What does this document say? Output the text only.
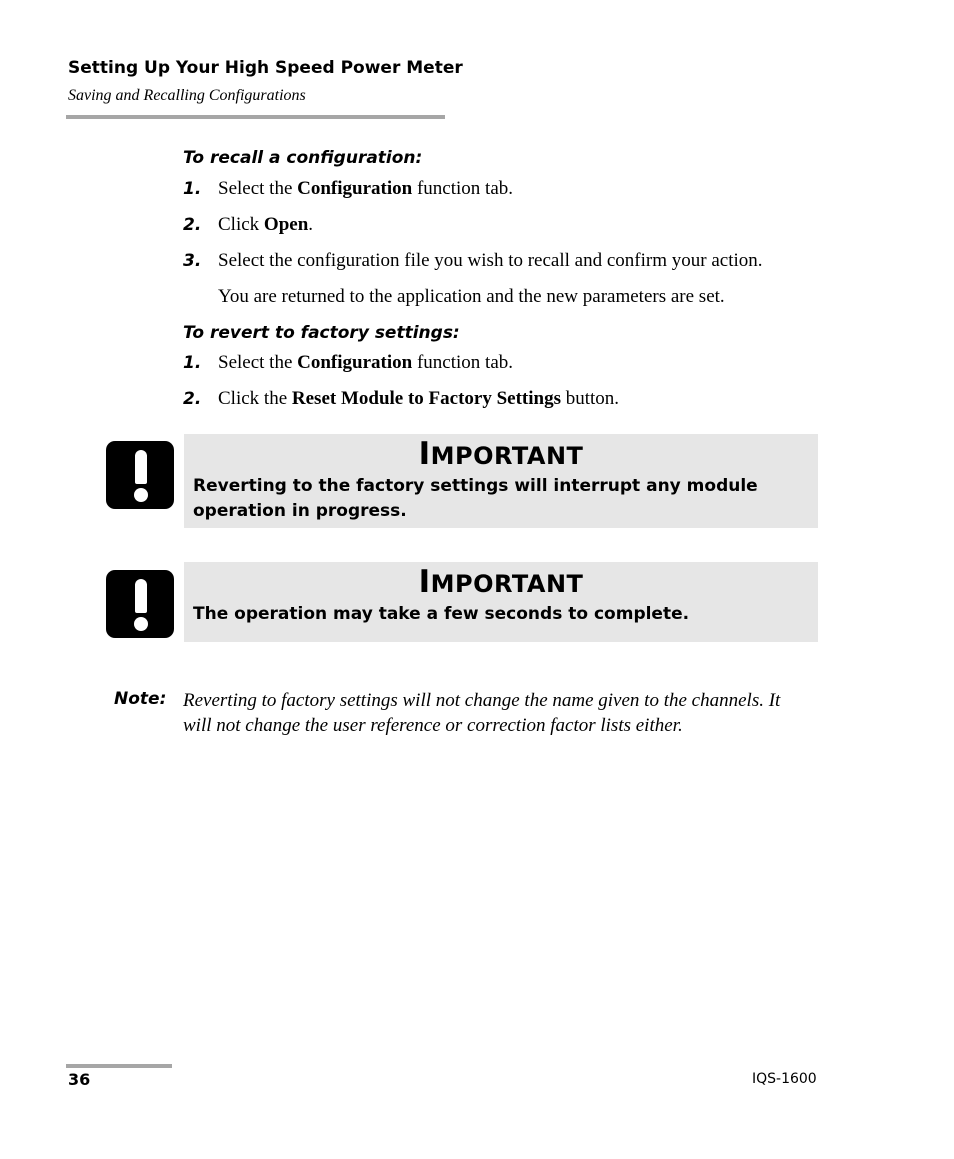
Setting Up Your High Speed Power Meter
Saving and Recalling Configurations
To recall a configuration:
1. Select the Configuration function tab.
2. Click Open.
3. Select the configuration file you wish to recall and confirm your action.
You are returned to the application and the new parameters are set.
To revert to factory settings:
1. Select the Configuration function tab.
2. Click the Reset Module to Factory Settings button.
IMPORTANT
Reverting to the factory settings will interrupt any module operation in progress.
IMPORTANT
The operation may take a few seconds to complete.
Note: Reverting to factory settings will not change the name given to the channels. It will not change the user reference or correction factor lists either.
36	IQS-1600
